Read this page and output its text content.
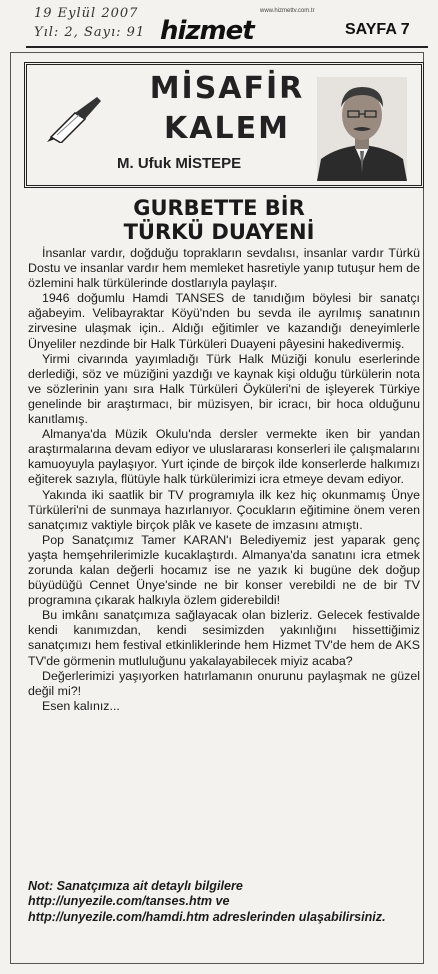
19 Eylül 2007
Yıl: 2, Sayı: 91
www.hizmettv.com.tr
hizmet	SAYFA 7
MİSAFİR
KALEM
M. Ufuk MİSTEPE
GURBETTE BİR
TÜRKÜ DUAYENİ

İnsanlar vardır, doğduğu toprakların sevdalısı, insanlar vardır Türkü Dostu ve insanlar vardır hem memleket hasretiyle yanıp tutuşur hem de özlemini halk türkülerinde dostlarıyla paylaşır.

1946 doğumlu Hamdi TANSES de tanıdığım böylesi bir sanatçı ağabeyim. Velibayraktar Köyü'nden bu sevda ile ayrılmış sanatının zirvesine ulaşmak için.. Aldığı eğitimler ve kazandığı deneyimlerle Ünyeliler nezdinde bir Halk Türküleri Duayeni pâyesini hakedivermiş.

Yirmi civarında yayımladığı Türk Halk Müziği konulu eserlerinde derlediği, söz ve müziğini yazdığı ve kaynak kişi olduğu türkülerin nota ve sözlerinin yanı sıra Halk Türküleri Öyküleri'ni de işleyerek Türkiye genelinde bir araştırmacı, bir müzisyen, bir icracı, bir hoca olduğunu kanıtlamış.

Almanya'da Müzik Okulu'nda dersler vermekte iken bir yandan araştırmalarına devam ediyor ve uluslararası konserleri ile çalışmalarını kamuoyuyla paylaşıyor. Yurt içinde de birçok ilde konserlerde halkımızı eğiterek sazıyla, flütüyle halk türkülerimizi icra etmeye devam ediyor.

Yakında iki saatlik bir TV programıyla ilk kez hiç okunmamış Ünye Türküleri'ni de sunmaya hazırlanıyor. Çocukların eğitimine önem veren sanatçımız vaktiyle birçok plâk ve kasete de imzasını atmıştı.

Pop Sanatçımız Tamer KARAN'ı Belediyemiz jest yaparak genç yaşta hemşehrilerimizle kucaklaştırdı. Almanya'da sanatını icra etmek zorunda kalan değerli hocamız ise ne yazık ki bugüne dek doğup büyüdüğü Cennet Ünye'sinde ne bir konser verebildi ne de bir TV programına çıkarak halkıyla özlem giderebildi!

Bu imkânı sanatçımıza sağlayacak olan bizleriz. Gelecek festivalde kendi kanımızdan, kendi sesimizden yakınlığını hissettiğimiz sanatçımızı hem festival etkinliklerinde hem Hizmet TV'de hem de AKS TV'de görmenin mutluluğunu yakalayabilecek miyiz acaba?

Değerlerimizi yaşıyorken hatırlamanın onurunu paylaşmak ne güzel değil mi?!

Esen kalınız...

Not: Sanatçımıza ait detaylı bilgilere

http://unyezile.com/tanses.htm ve

http://unyezile.com/hamdi.htm adreslerinden ulaşabilirsiniz.
